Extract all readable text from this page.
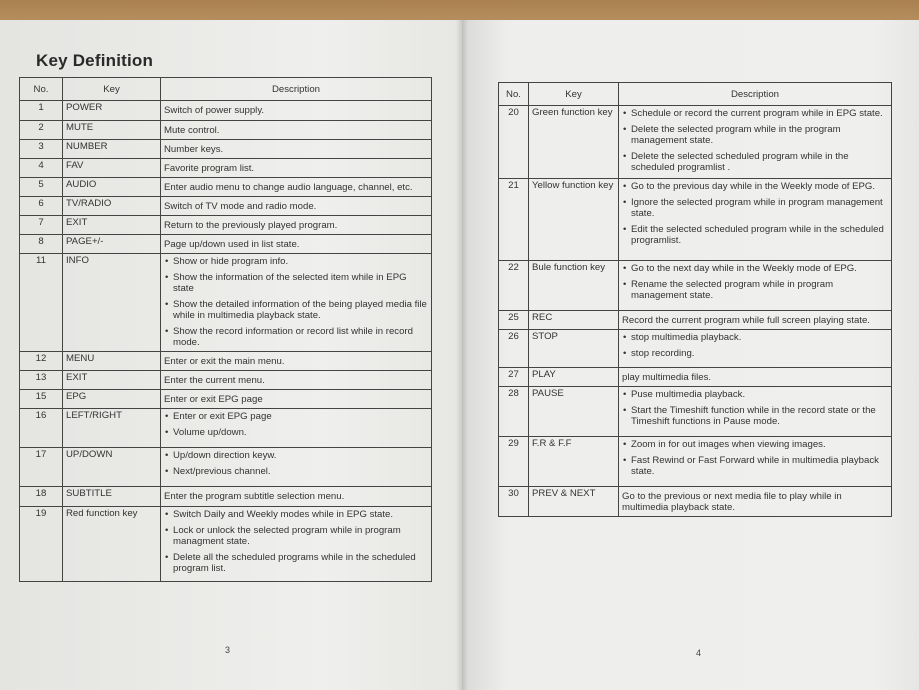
Key Definition
No.	Key	Description
1	POWER	Switch of power supply.
2	MUTE	Mute control.
3	NUMBER	Number keys.
4	FAV	Favorite program list.
5	AUDIO	Enter audio menu to change audio language, channel, etc.
6	TV/RADIO	Switch of TV mode and radio mode.
7	EXIT	Return to the previously played program.
8	PAGE+/-	Page up/down used in list state.
11	INFO	• Show or hide program info.
• Show the information of the selected item while in EPG state
• Show the detailed information of the being played media file while in multimedia playback state.
• Show the record information or record list while in record mode.

12	MENU	Enter or exit the main menu.
13	EXIT	Enter the current menu.
15	EPG	Enter or exit EPG page
16	LEFT/RIGHT	• Enter or exit EPG page
• Volume up/down.

17	UP/DOWN	• Up/down direction keyw.
• Next/previous channel.

18	SUBTITLE	Enter the program subtitle selection menu.
19	Red function key	• Switch Daily and Weekly modes while in EPG state.
• Lock or unlock the selected program while in program managment state.
• Delete all the scheduled programs while in the scheduled program list.
No.	Key	Description
20	Green function key	• Schedule or record the current program while in EPG state.
• Delete the selected program while in the program management state.
• Delete the selected scheduled program while in the scheduled programlist .

21	Yellow function key	• Go to the previous day while in the Weekly mode of EPG.
• Ignore the selected program while in program management state.
• Edit the selected scheduled program while in the scheduled programlist.

22	Bule function key	• Go to the next day while in the Weekly mode of EPG.
• Rename the selected program while in program management state.

25	REC	Record the current program while full screen playing state.
26	STOP	• stop multimedia playback.
• stop recording.

27	PLAY	play multimedia files.
28	PAUSE	• Puse multimedia playback.
• Start the Timeshift function while in the record state or the Timeshift functions in Pause mode.

29	F.R & F.F	• Zoom in for out images when viewing images.
• Fast Rewind or Fast Forward while in multimedia playback state.

30	PREV & NEXT	Go to the previous or next media file to play while in multimedia playback state.
3	4
